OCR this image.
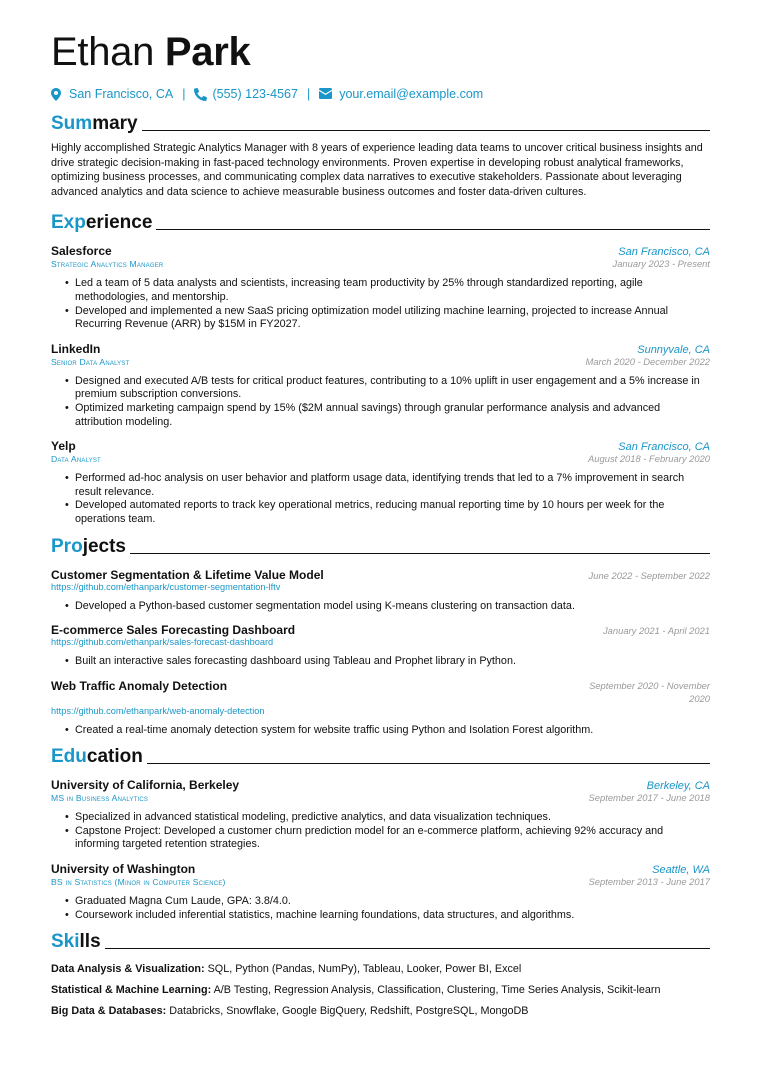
Ethan Park
San Francisco, CA | (555) 123-4567 | your.email@example.com
Summary
Highly accomplished Strategic Analytics Manager with 8 years of experience leading data teams to uncover critical business insights and drive strategic decision-making in fast-paced technology environments. Proven expertise in developing robust analytical frameworks, optimizing business processes, and communicating complex data narratives to executive stakeholders. Passionate about leveraging advanced analytics and data science to achieve measurable business outcomes and foster data-driven cultures.
Experience
Salesforce	San Francisco, CA
Strategic Analytics Manager	January 2023 - Present
• Led a team of 5 data analysts and scientists, increasing team productivity by 25% through standardized reporting, agile methodologies, and mentorship.
• Developed and implemented a new SaaS pricing optimization model utilizing machine learning, projected to increase Annual Recurring Revenue (ARR) by $15M in FY2027.
LinkedIn	Sunnyvale, CA
Senior Data Analyst	March 2020 - December 2022
• Designed and executed A/B tests for critical product features, contributing to a 10% uplift in user engagement and a 5% increase in premium subscription conversions.
• Optimized marketing campaign spend by 15% ($2M annual savings) through granular performance analysis and advanced attribution modeling.
Yelp	San Francisco, CA
Data Analyst	August 2018 - February 2020
• Performed ad-hoc analysis on user behavior and platform usage data, identifying trends that led to a 7% improvement in search result relevance.
• Developed automated reports to track key operational metrics, reducing manual reporting time by 10 hours per week for the operations team.
Projects
Customer Segmentation & Lifetime Value Model	June 2022 - September 2022
https://github.com/ethanpark/customer-segmentation-lftv
• Developed a Python-based customer segmentation model using K-means clustering on transaction data.
E-commerce Sales Forecasting Dashboard	January 2021 - April 2021
https://github.com/ethanpark/sales-forecast-dashboard
• Built an interactive sales forecasting dashboard using Tableau and Prophet library in Python.
Web Traffic Anomaly Detection	September 2020 - November 2020
https://github.com/ethanpark/web-anomaly-detection
• Created a real-time anomaly detection system for website traffic using Python and Isolation Forest algorithm.
Education
University of California, Berkeley	Berkeley, CA
MS in Business Analytics	September 2017 - June 2018
• Specialized in advanced statistical modeling, predictive analytics, and data visualization techniques.
• Capstone Project: Developed a customer churn prediction model for an e-commerce platform, achieving 92% accuracy and informing targeted retention strategies.
University of Washington	Seattle, WA
BS in Statistics (Minor in Computer Science)	September 2013 - June 2017
• Graduated Magna Cum Laude, GPA: 3.8/4.0.
• Coursework included inferential statistics, machine learning foundations, data structures, and algorithms.
Skills
Data Analysis & Visualization: SQL, Python (Pandas, NumPy), Tableau, Looker, Power BI, Excel
Statistical & Machine Learning: A/B Testing, Regression Analysis, Classification, Clustering, Time Series Analysis, Scikit-learn
Big Data & Databases: Databricks, Snowflake, Google BigQuery, Redshift, PostgreSQL, MongoDB
